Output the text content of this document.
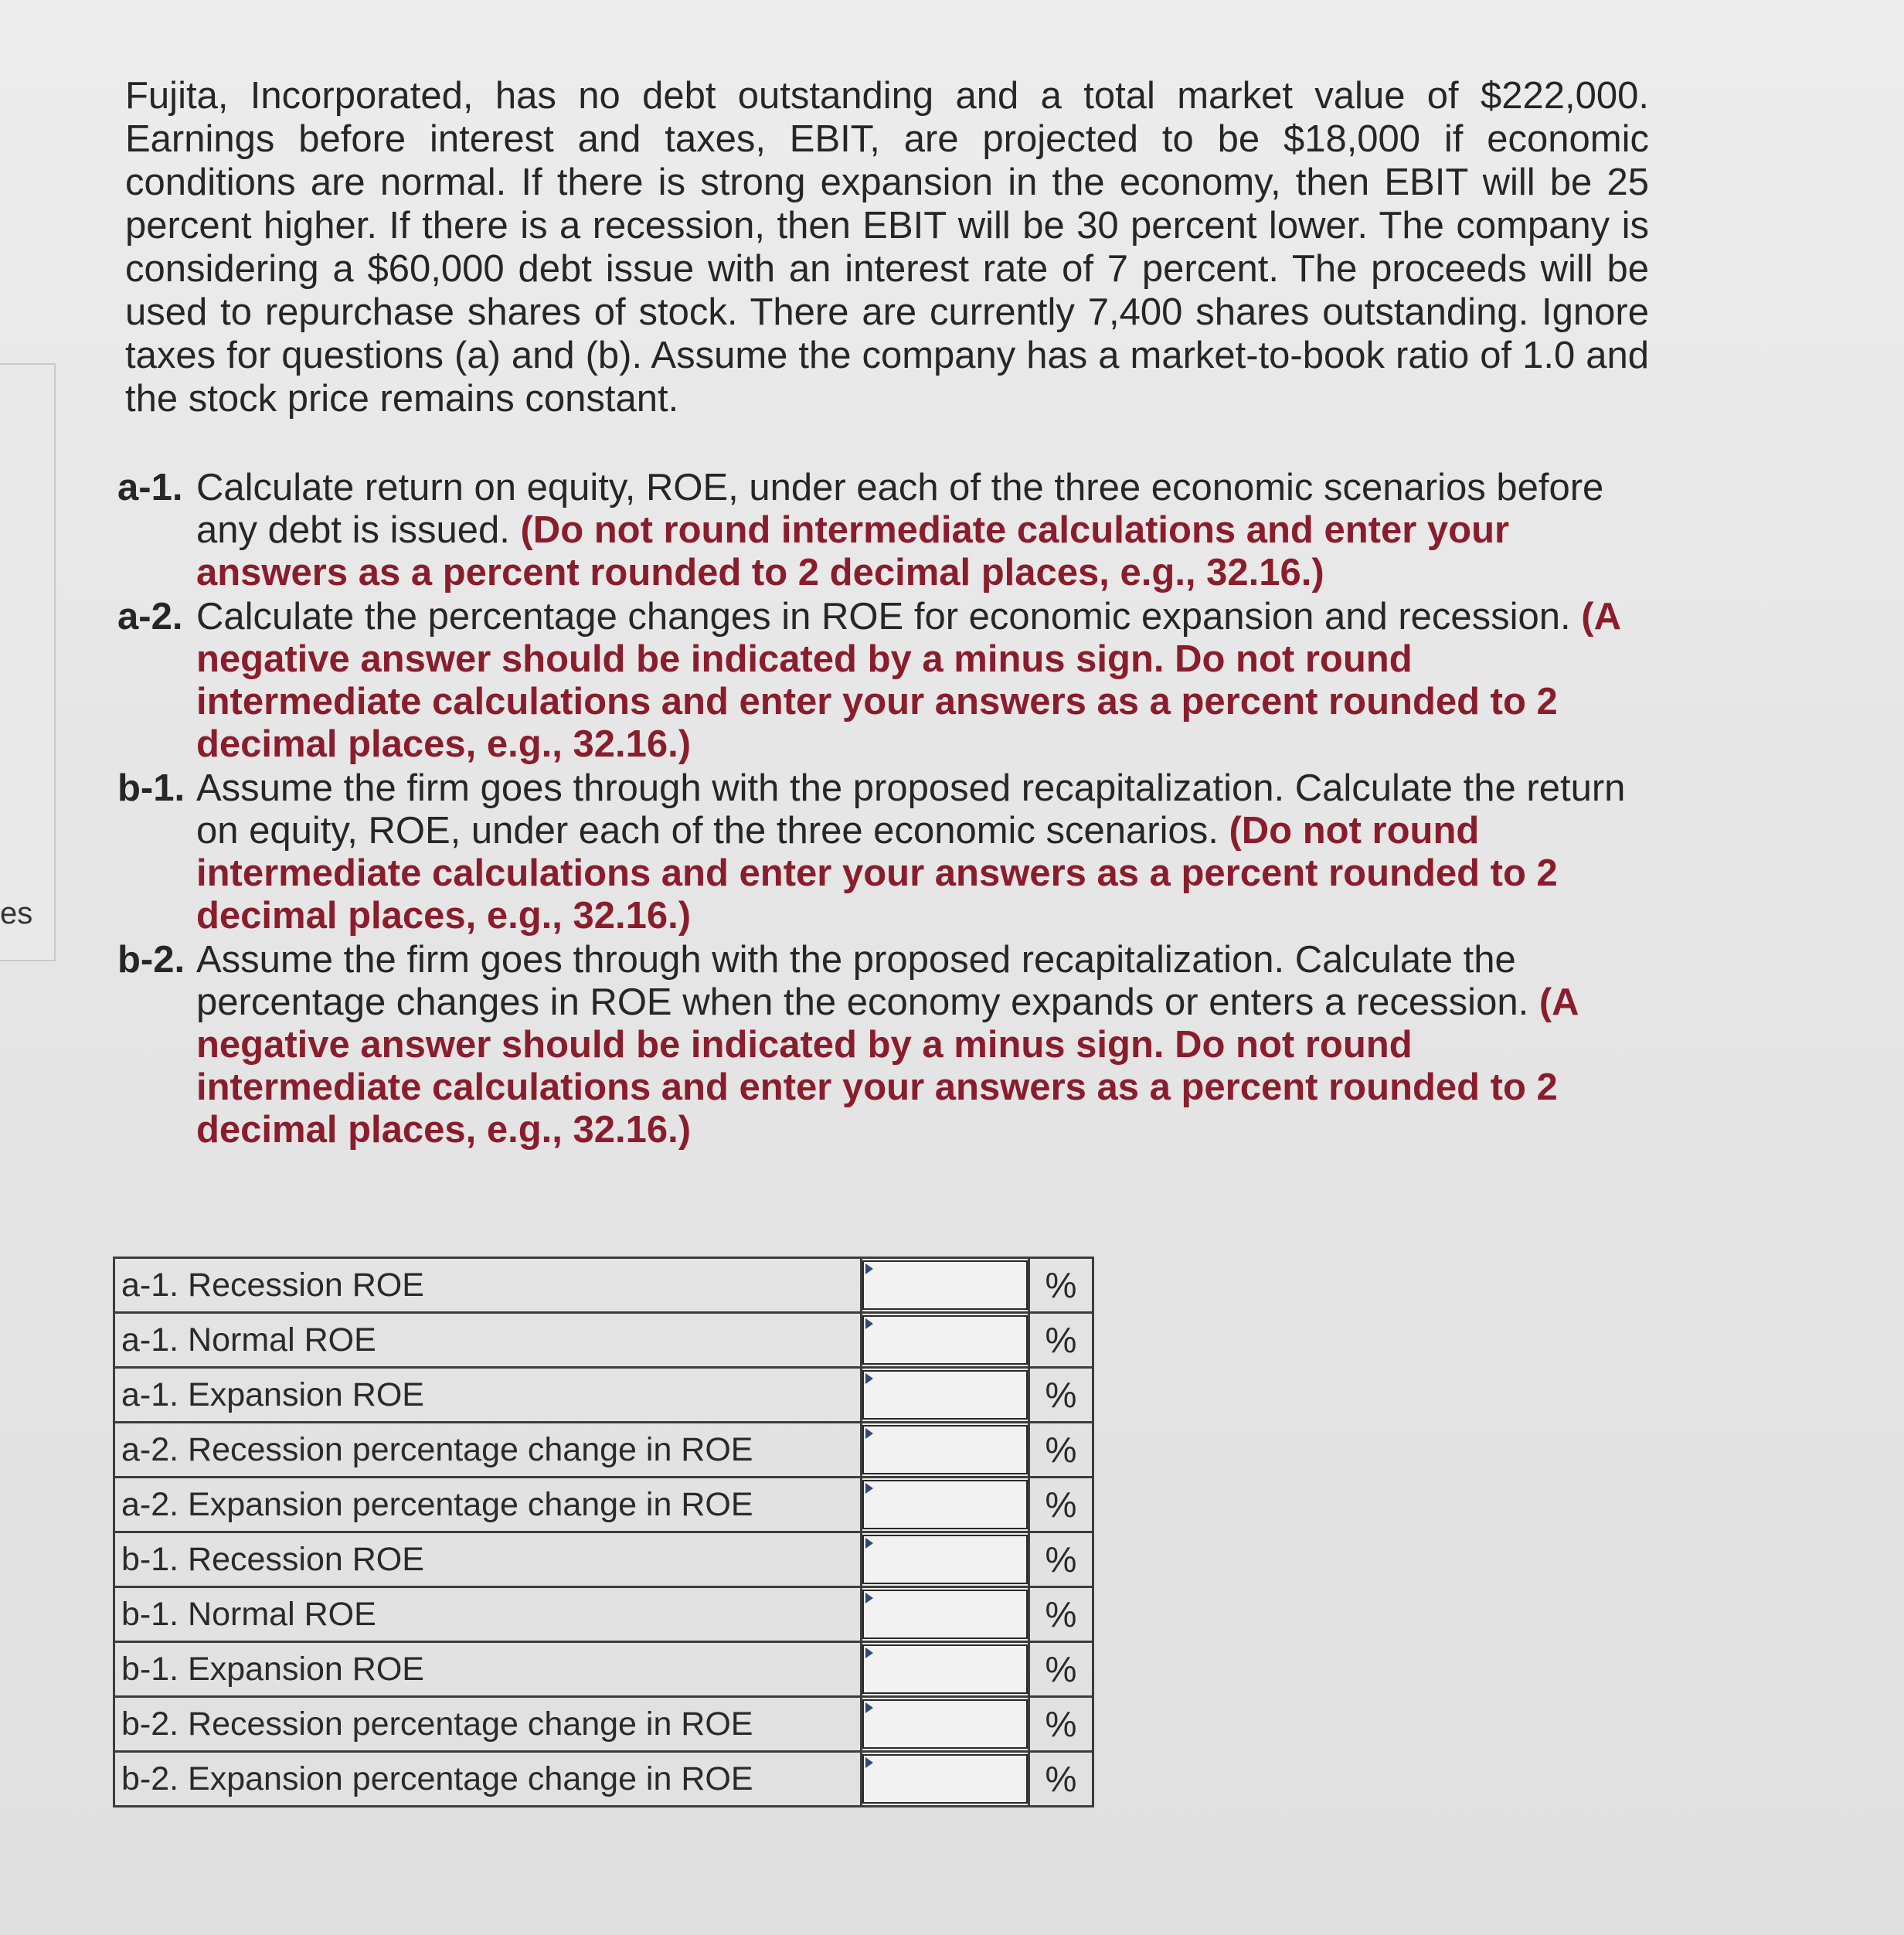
es

Fujita, Incorporated, has no debt outstanding and a total market value of $222,000. Earnings before interest and taxes, EBIT, are projected to be $18,000 if economic conditions are normal. If there is strong expansion in the economy, then EBIT will be 25 percent higher. If there is a recession, then EBIT will be 30 percent lower. The company is considering a $60,000 debt issue with an interest rate of 7 percent. The proceeds will be used to repurchase shares of stock. There are currently 7,400 shares outstanding. Ignore taxes for questions (a) and (b). Assume the company has a market-to-book ratio of 1.0 and the stock price remains constant.

a-1. Calculate return on equity, ROE, under each of the three economic scenarios before any debt is issued. (Do not round intermediate calculations and enter your answers as a percent rounded to 2 decimal places, e.g., 32.16.)
a-2. Calculate the percentage changes in ROE for economic expansion and recession. (A negative answer should be indicated by a minus sign. Do not round intermediate calculations and enter your answers as a percent rounded to 2 decimal places, e.g., 32.16.)
b-1. Assume the firm goes through with the proposed recapitalization. Calculate the return on equity, ROE, under each of the three economic scenarios. (Do not round intermediate calculations and enter your answers as a percent rounded to 2 decimal places, e.g., 32.16.)
b-2. Assume the firm goes through with the proposed recapitalization. Calculate the percentage changes in ROE when the economy expands or enters a recession. (A negative answer should be indicated by a minus sign. Do not round intermediate calculations and enter your answers as a percent rounded to 2 decimal places, e.g., 32.16.)
a-1. Recession ROE		%
a-1. Normal ROE		%
a-1. Expansion ROE		%
a-2. Recession percentage change in ROE		%
a-2. Expansion percentage change in ROE		%
b-1. Recession ROE		%
b-1. Normal ROE		%
b-1. Expansion ROE		%
b-2. Recession percentage change in ROE		%
b-2. Expansion percentage change in ROE		%
